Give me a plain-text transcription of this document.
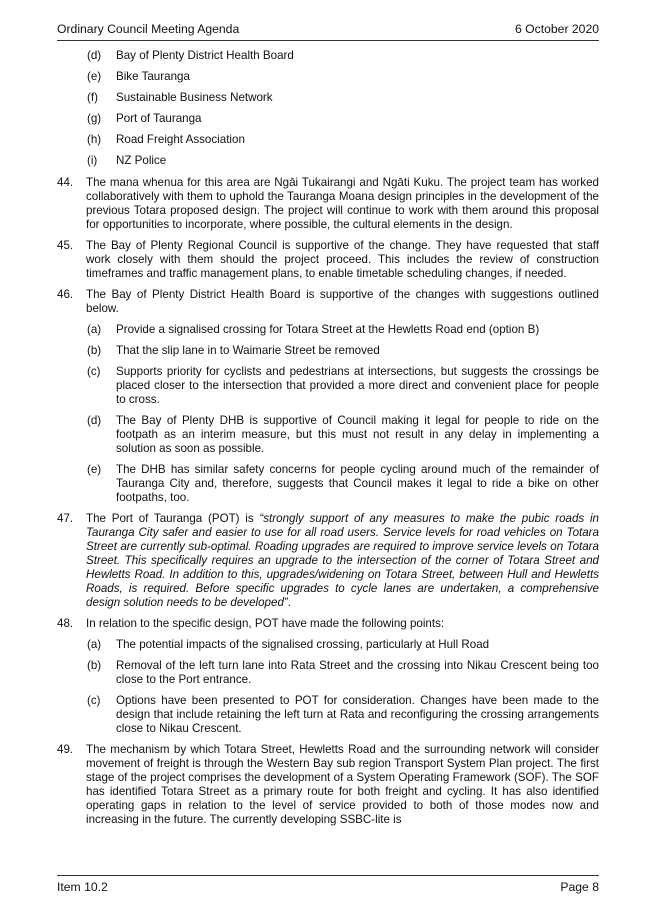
Ordinary Council Meeting Agenda	6 October 2020
(d) Bay of Plenty District Health Board
(e) Bike Tauranga
(f) Sustainable Business Network
(g) Port of Tauranga
(h) Road Freight Association
(i) NZ Police
44. The mana whenua for this area are Ngāi Tukairangi and Ngāti Kuku. The project team has worked collaboratively with them to uphold the Tauranga Moana design principles in the development of the previous Totara proposed design. The project will continue to work with them around this proposal for opportunities to incorporate, where possible, the cultural elements in the design.
45. The Bay of Plenty Regional Council is supportive of the change. They have requested that staff work closely with them should the project proceed. This includes the review of construction timeframes and traffic management plans, to enable timetable scheduling changes, if needed.
46. The Bay of Plenty District Health Board is supportive of the changes with suggestions outlined below.
(a) Provide a signalised crossing for Totara Street at the Hewletts Road end (option B)
(b) That the slip lane in to Waimarie Street be removed
(c) Supports priority for cyclists and pedestrians at intersections, but suggests the crossings be placed closer to the intersection that provided a more direct and convenient place for people to cross.
(d) The Bay of Plenty DHB is supportive of Council making it legal for people to ride on the footpath as an interim measure, but this must not result in any delay in implementing a solution as soon as possible.
(e) The DHB has similar safety concerns for people cycling around much of the remainder of Tauranga City and, therefore, suggests that Council makes it legal to ride a bike on other footpaths, too.
47. The Port of Tauranga (POT) is “strongly support of any measures to make the pubic roads in Tauranga City safer and easier to use for all road users. Service levels for road vehicles on Totara Street are currently sub-optimal. Roading upgrades are required to improve service levels on Totara Street. This specifically requires an upgrade to the intersection of the corner of Totara Street and Hewletts Road. In addition to this, upgrades/widening on Totara Street, between Hull and Hewletts Roads, is required. Before specific upgrades to cycle lanes are undertaken, a comprehensive design solution needs to be developed”.
48. In relation to the specific design, POT have made the following points:
(a) The potential impacts of the signalised crossing, particularly at Hull Road
(b) Removal of the left turn lane into Rata Street and the crossing into Nikau Crescent being too close to the Port entrance.
(c) Options have been presented to POT for consideration. Changes have been made to the design that include retaining the left turn at Rata and reconfiguring the crossing arrangements close to Nikau Crescent.
49. The mechanism by which Totara Street, Hewletts Road and the surrounding network will consider movement of freight is through the Western Bay sub region Transport System Plan project. The first stage of the project comprises the development of a System Operating Framework (SOF). The SOF has identified Totara Street as a primary route for both freight and cycling. It has also identified operating gaps in relation to the level of service provided to both of those modes now and increasing in the future. The currently developing SSBC-lite is
Item 10.2	Page 8
